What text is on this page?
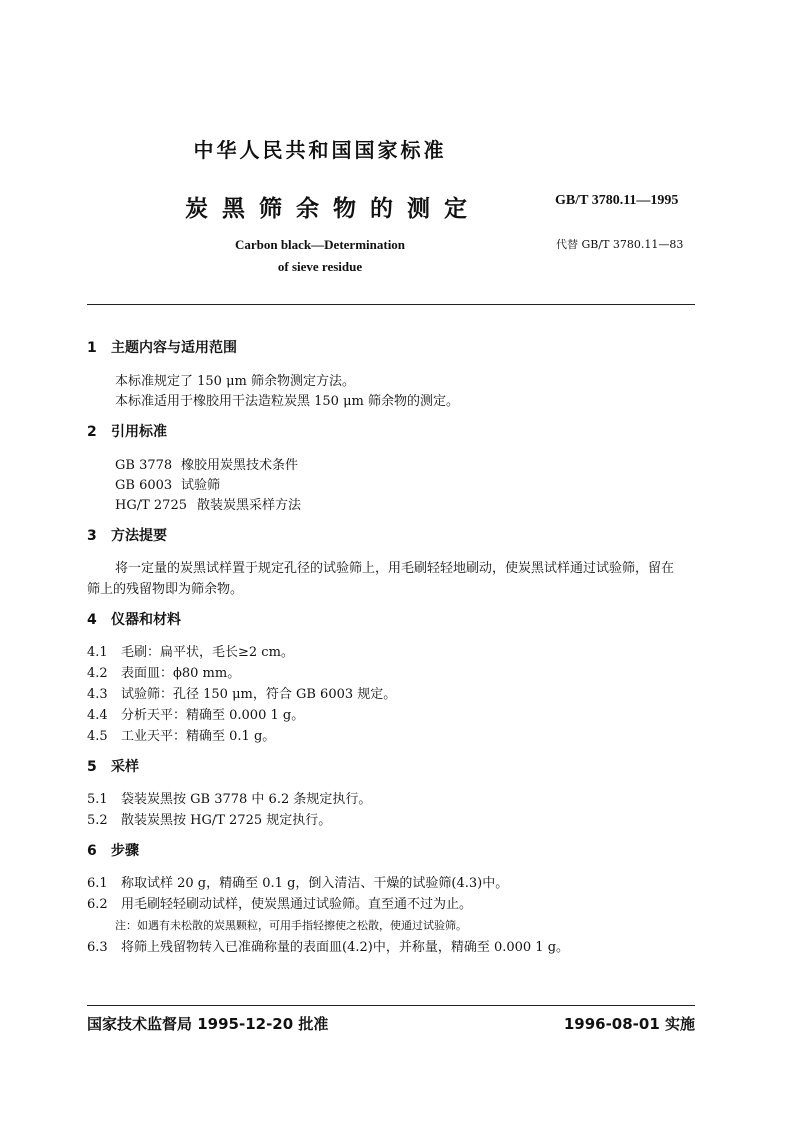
中华人民共和国国家标准
炭黑筛余物的测定	GB/T 3780.11—1995
Carbon black—Determination
of sieve residue
代替 GB/T 3780.11—83
1 主题内容与适用范围
本标准规定了 150 μm 筛余物测定方法。
本标准适用于橡胶用干法造粒炭黑 150 μm 筛余物的测定。
2 引用标准
GB 3778 橡胶用炭黑技术条件
GB 6003 试验筛
HG/T 2725 散装炭黑采样方法
3 方法提要
将一定量的炭黑试样置于规定孔径的试验筛上，用毛刷轻轻地刷动，使炭黑试样通过试验筛，留在
筛上的残留物即为筛余物。
4 仪器和材料
4.1 毛刷：扁平状，毛长≥2 cm。
4.2 表面皿：ϕ80 mm。
4.3 试验筛：孔径 150 μm，符合 GB 6003 规定。
4.4 分析天平：精确至 0.000 1 g。
4.5 工业天平：精确至 0.1 g。
5 采样
5.1 袋装炭黑按 GB 3778 中 6.2 条规定执行。
5.2 散装炭黑按 HG/T 2725 规定执行。
6 步骤
6.1 称取试样 20 g，精确至 0.1 g，倒入清洁、干燥的试验筛(4.3)中。
6.2 用毛刷轻轻刷动试样，使炭黑通过试验筛。直至通不过为止。
注：如遇有未松散的炭黑颗粒，可用手指轻擦使之松散，使通过试验筛。
6.3 将筛上残留物转入已准确称量的表面皿(4.2)中，并称量，精确至 0.000 1 g。
国家技术监督局 1995-12-20 批准	1996-08-01 实施
